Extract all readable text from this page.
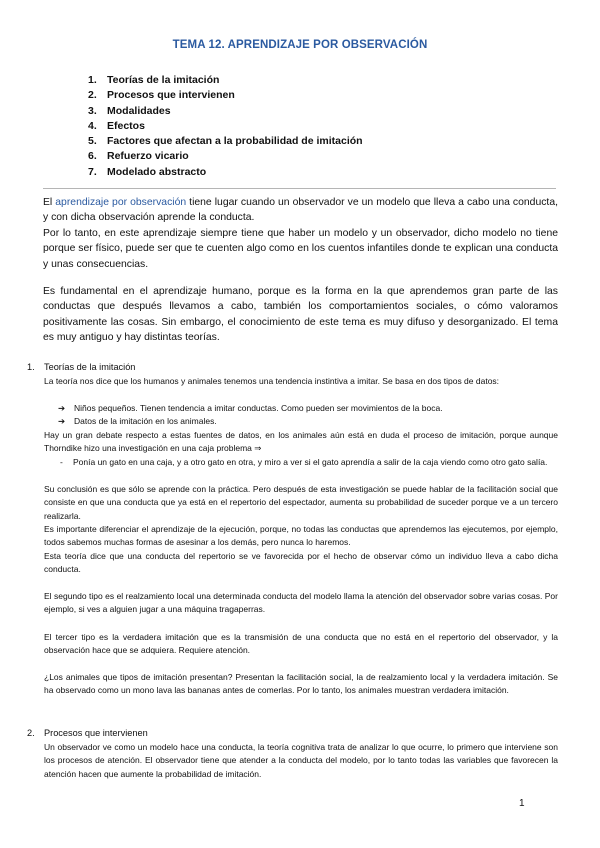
TEMA 12. APRENDIZAJE POR OBSERVACIÓN
1. Teorías de la imitación
2. Procesos que intervienen
3. Modalidades
4. Efectos
5. Factores que afectan a la probabilidad de imitación
6. Refuerzo vicario
7. Modelado abstracto
El aprendizaje por observación tiene lugar cuando un observador ve un modelo que lleva a cabo una conducta, y con dicha observación aprende la conducta.
Por lo tanto, en este aprendizaje siempre tiene que haber un modelo y un observador, dicho modelo no tiene porque ser físico, puede ser que te cuenten algo como en los cuentos infantiles donde te explican una conducta y unas consecuencias.
Es fundamental en el aprendizaje humano, porque es la forma en la que aprendemos gran parte de las conductas que después llevamos a cabo, también los comportamientos sociales, o cómo valoramos positivamente las cosas. Sin embargo, el conocimiento de este tema es muy difuso y desorganizado. El tema es muy antiguo y hay distintas teorías.
1. Teorías de la imitación
La teoría nos dice que los humanos y animales tenemos una tendencia instintiva a imitar. Se basa en dos tipos de datos:
➔	Niños pequeños. Tienen tendencia a imitar conductas. Como pueden ser movimientos de la boca.
➔	Datos de la imitación en los animales.
Hay un gran debate respecto a estas fuentes de datos, en los animales aún está en duda el proceso de imitación, porque aunque Thorndike hizo una investigación en una caja problema ⇒
-	Ponía un gato en una caja, y a otro gato en otra, y miro a ver si el gato aprendía a salir de la caja viendo como otro gato salía.
Su conclusión es que sólo se aprende con la práctica. Pero después de esta investigación se puede hablar de la facilitación social que consiste en que una conducta que ya está en el repertorio del espectador, aumenta su probabilidad de suceder porque ve a un tercero realizarla.
Es importante diferenciar el aprendizaje de la ejecución, porque, no todas las conductas que aprendemos las ejecutemos, por ejemplo, todos sabemos muchas formas de asesinar a los demás, pero nunca lo haremos.
Esta teoría dice que una conducta del repertorio se ve favorecida por el hecho de observar cómo un individuo lleva a cabo dicha conducta.
El segundo tipo es el realzamiento local una determinada conducta del modelo llama la atención del observador sobre varias cosas. Por ejemplo, si ves a alguien jugar a una máquina tragaperras.
El tercer tipo es la verdadera imitación que es la transmisión de una conducta que no está en el repertorio del observador, y la observación hace que se adquiera. Requiere atención.
¿Los animales que tipos de imitación presentan? Presentan la facilitación social, la de realzamiento local y la verdadera imitación. Se ha observado como un mono lava las bananas antes de comerlas. Por lo tanto, los animales muestran verdadera imitación.
2. Procesos que intervienen
Un observador ve como un modelo hace una conducta, la teoría cognitiva trata de analizar lo que ocurre, lo primero que interviene son los procesos de atención. El observador tiene que atender a la conducta del modelo, por lo tanto todas las variables que favorecen la atención hacen que aumente la probabilidad de imitación.
1
